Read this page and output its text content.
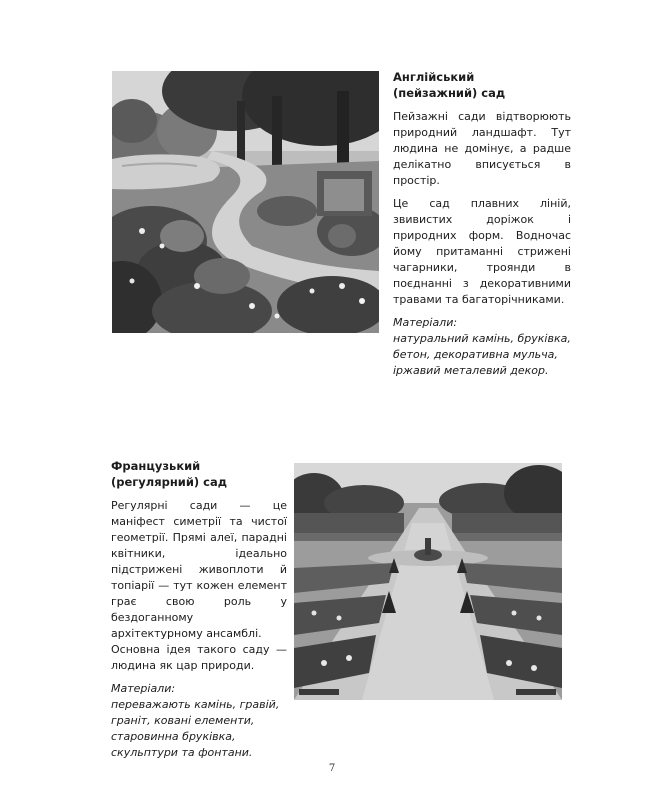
Англійський
(пейзажний) сад

Пейзажні сади відтворюють природний ландшафт. Тут людина не домінує, а радше делікатно вписується в простір.

Це сад плавних ліній, звивистих доріжок і природних форм. Водночас йому притаманні стрижені чагарники, троянди в поєднанні з декоративними травами та багаторічниками.

Матеріали:

натуральний камінь, бруківка, бетон, декоративна мульча, іржавий металевий декор.

Французький
(регулярний) сад

Регулярні сади — це маніфест симетрії та чистої геометрії. Прямі алеї, парадні квітники, ідеально підстрижені живоплоти й топіарії — тут кожен елемент грає свою роль у бездоганному архітектурному ансамблі.

Основна ідея такого саду — людина як цар природи.

Матеріали:

переважають камінь, гравій, граніт, ковані елементи, старовинна бруківка, скульптури та фонтани.

7
